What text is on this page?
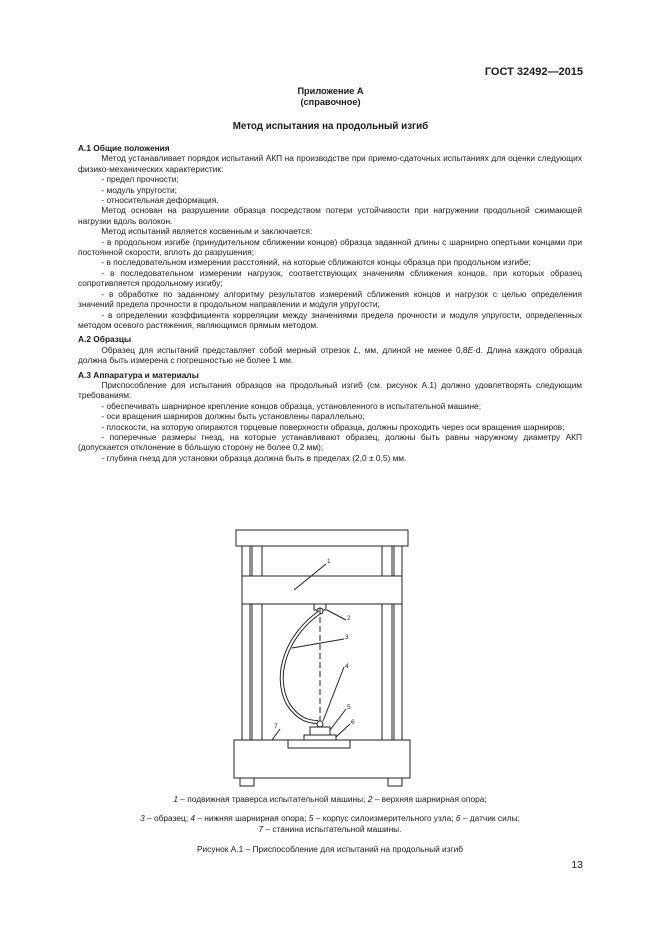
ГОСТ 32492—2015
Приложение А
(справочное)
Метод испытания на продольный изгиб

А.1 Общие положения

Метод устанавливает порядок испытаний АКП на производстве при приемо-сдаточных испытаниях для оценки следующих физико-механических характеристик:

- предел прочности;

- модуль упругости;

- относительная деформация.

Метод основан на разрушении образца посредством потери устойчивости при нагружении продольной сжимающей нагрузки вдоль волокон.

Метод испытаний является косвенным и заключается:

- в продольном изгибе (принудительном сближении концов) образца заданной длины с шарнирно опертыми концами при постоянной скорости, вплоть до разрушения;

- в последовательном измерении расстояний, на которые сближаются концы образца при продольном изгибе;

- в последовательном измерении нагрузок, соответствующих значениям сближения концов, при которых образец сопротивляется продольному изгибу;

- в обработке по заданному алгоритму результатов измерений сближения концов и нагрузок с целью определения значений предела прочности в продольном направлении и модуля упругости;

- в определении коэффициента корреляции между значениями предела прочности и модуля упругости, определенных методом осевого растяжения, являющимся прямым методом.

А.2 Образцы

Образец для испытаний представляет собой мерный отрезок L, мм, длиной не менее 0,8E·d. Длина каждого образца должна быть измерена с погрешностью не более 1 мм.

А.3 Аппаратура и материалы

Приспособление для испытания образцов на продольный изгиб (см. рисунок А.1) должно удовлетворять следующим требованиям:

- обеспечивать шарнирное крепление концов образца, установленного в испытательной машине;

- оси вращения шарниров должны быть установлены параллельно;

- плоскости, на которую опираются торцевые поверхности образца, должны проходить через оси вращения шарниров;

- поперечные размеры гнезд, на которые устанавливают образец, должны быть равны наружному диаметру АКП (допускается отклонение в бóльшую сторону не более 0,2 мм);

- глубина гнезд для установки образца должна быть в пределах (2,0 ± 0,5) мм.

1
2
3
4
5
6
7
1 – подвижная траверса испытательной машины; 2 – верхняя шарнирная опора;
3 – образец; 4 – нижняя шарнирная опора; 5 – корпус силоизмерительного узла; 6 – датчик силы;
7 – станина испытательной машины.
Рисунок А.1 – Приспособление для испытаний на продольный изгиб
13
